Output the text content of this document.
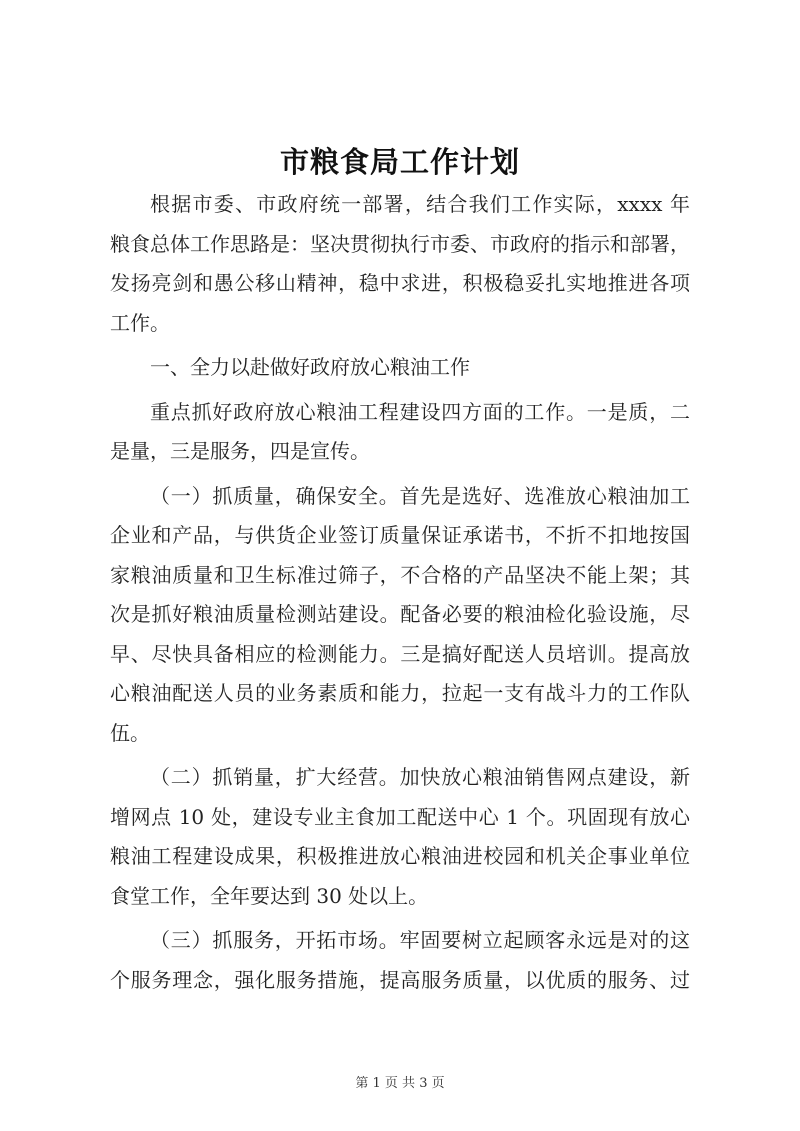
市粮食局工作计划
根据市委、市政府统一部署，结合我们工作实际，xxxx 年
粮食总体工作思路是：坚决贯彻执行市委、市政府的指示和部署，
发扬亮剑和愚公移山精神，稳中求进，积极稳妥扎实地推进各项
工作。
一、全力以赴做好政府放心粮油工作
重点抓好政府放心粮油工程建设四方面的工作。一是质，二
是量，三是服务，四是宣传。
（一）抓质量，确保安全。首先是选好、选准放心粮油加工
企业和产品，与供货企业签订质量保证承诺书，不折不扣地按国
家粮油质量和卫生标准过筛子，不合格的产品坚决不能上架；其
次是抓好粮油质量检测站建设。配备必要的粮油检化验设施，尽
早、尽快具备相应的检测能力。三是搞好配送人员培训。提高放
心粮油配送人员的业务素质和能力，拉起一支有战斗力的工作队
伍。
（二）抓销量，扩大经营。加快放心粮油销售网点建设，新
增网点 10 处，建设专业主食加工配送中心 1 个。巩固现有放心
粮油工程建设成果，积极推进放心粮油进校园和机关企事业单位
食堂工作，全年要达到 30 处以上。
（三）抓服务，开拓市场。牢固要树立起顾客永远是对的这
个服务理念，强化服务措施，提高服务质量，以优质的服务、过
第 1 页 共 3 页
